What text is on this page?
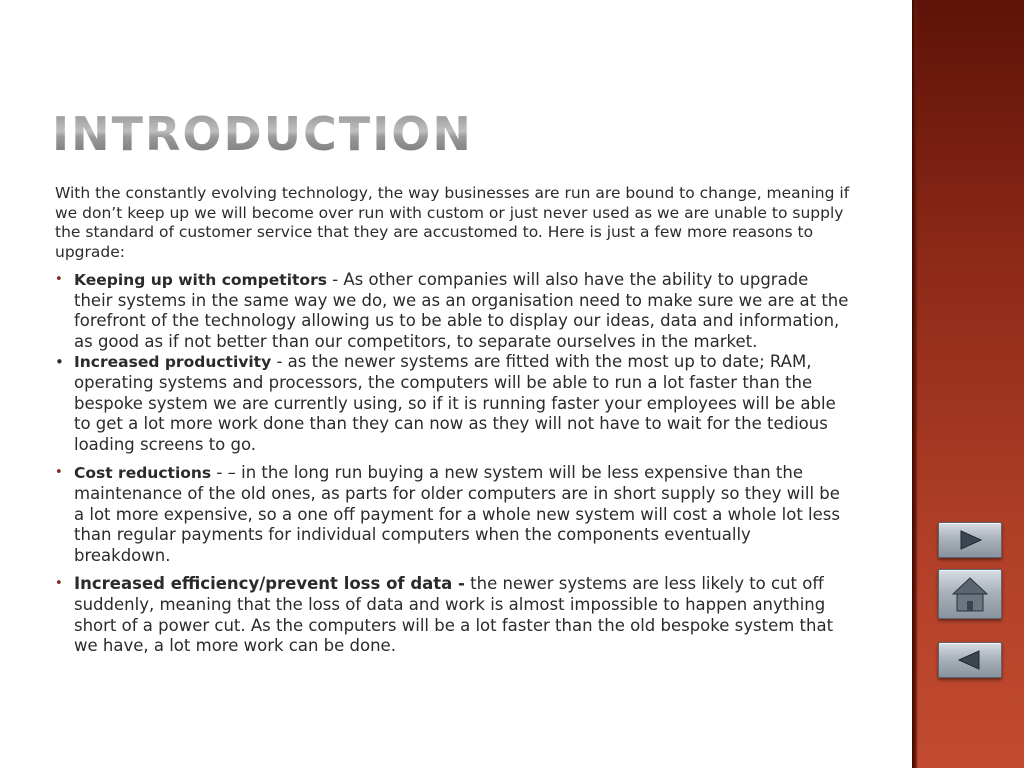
INTRODUCTION

With the constantly evolving technology, the way businesses are run are bound to change, meaning if we don’t keep up we will become over run with custom or just never used as we are unable to supply the standard of customer service that they are accustomed to. Here is just a few more reasons to upgrade:

• Keeping up with competitors - As other companies will also have the ability to upgrade their systems in the same way we do, we as an organisation need to make sure we are at the forefront of the technology allowing us to be able to display our ideas, data and information, as good as if not better than our competitors, to separate ourselves in the market.
• Increased productivity - as the newer systems are fitted with the most up to date; RAM, operating systems and processors, the computers will be able to run a lot faster than the bespoke system we are currently using, so if it is running faster your employees will be able to get a lot more work done than they can now as they will not have to wait for the tedious loading screens to go.
• Cost reductions - – in the long run buying a new system will be less expensive than the maintenance of the old ones, as parts for older computers are in short supply so they will be a lot more expensive, so a one off payment for a whole new system will cost a whole lot less than regular payments for individual computers when the components eventually breakdown.
• Increased efficiency/prevent loss of data - the newer systems are less likely to cut off suddenly, meaning that the loss of data and work is almost impossible to happen anything short of a power cut. As the computers will be a lot faster than the old bespoke system that we have, a lot more work can be done.
